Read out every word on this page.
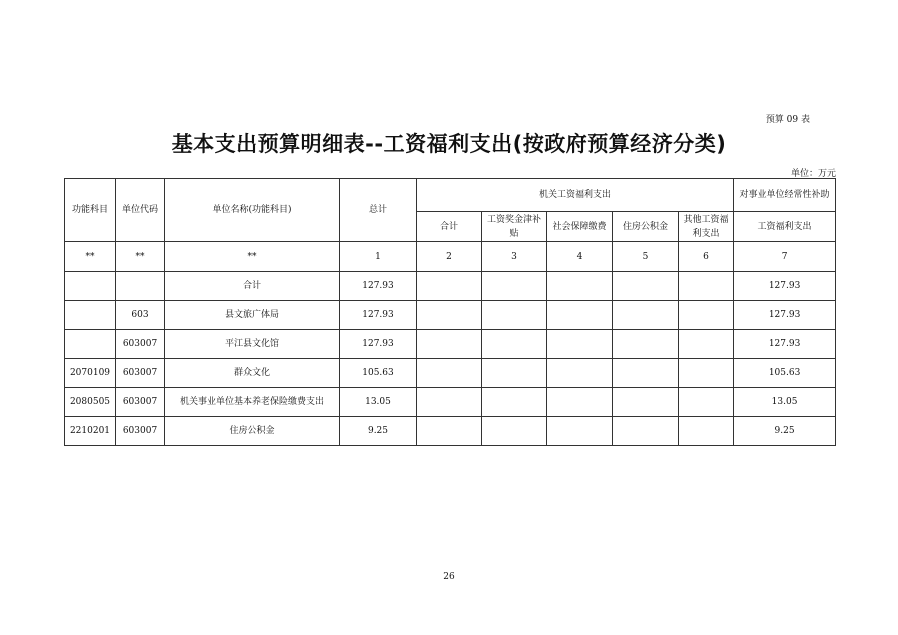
预算 09 表
基本支出预算明细表--工资福利支出(按政府预算经济分类)
单位：万元
功能科目	单位代码	单位名称(功能科目)	总计	机关工资福利支出					对事业单位经常性补助
				合计	工资奖金津补贴	社会保障缴费	住房公积金	其他工资福利支出	工资福利支出
**	**	**	1	2	3	4	5	6	7
		合计	127.93						127.93
	603	县文旅广体局	127.93						127.93
	603007	平江县文化馆	127.93						127.93
2070109	603007	群众文化	105.63						105.63
2080505	603007	机关事业单位基本养老保险缴费支出	13.05						13.05
2210201	603007	住房公积金	9.25						9.25
26
